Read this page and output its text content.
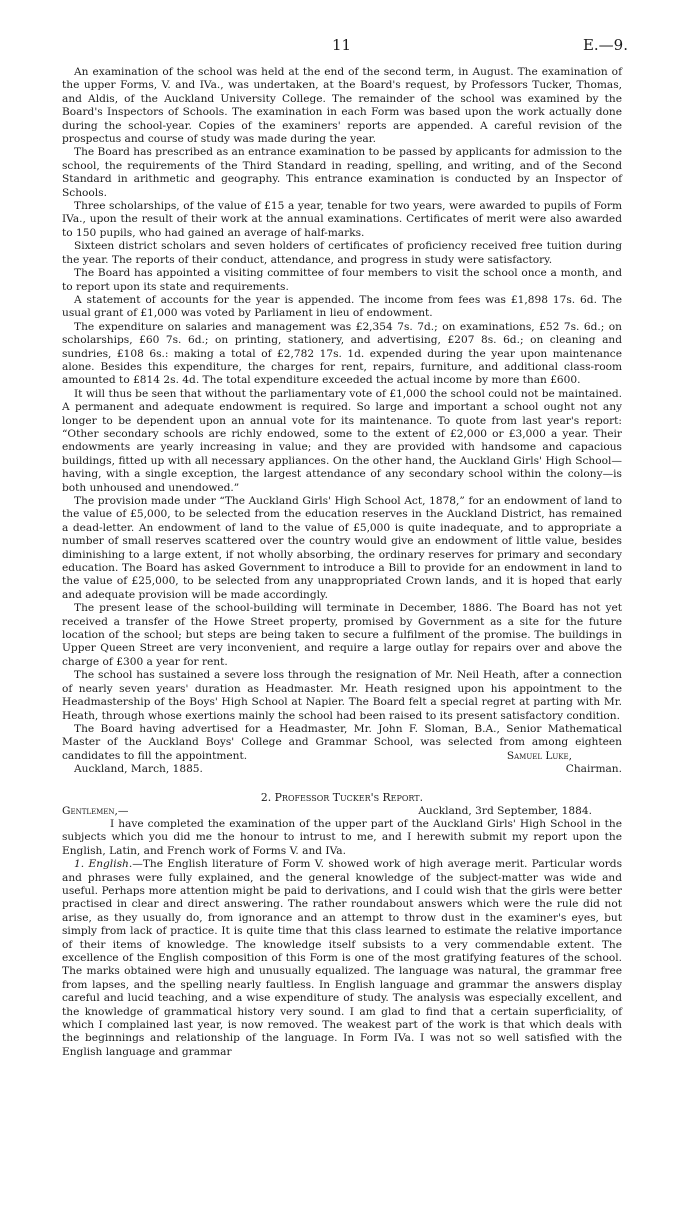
11	E.—9.

An examination of the school was held at the end of the second term, in August. The examination of the upper Forms, V. and IVa., was undertaken, at the Board's request, by Professors Tucker, Thomas, and Aldis, of the Auckland University College. The remainder of the school was examined by the Board's Inspectors of Schools. The examination in each Form was based upon the work actually done during the school-year. Copies of the examiners' reports are appended. A careful revision of the prospectus and course of study was made during the year.

The Board has prescribed as an entrance examination to be passed by applicants for admission to the school, the requirements of the Third Standard in reading, spelling, and writing, and of the Second Standard in arithmetic and geography. This entrance examination is conducted by an Inspector of Schools.

Three scholarships, of the value of £15 a year, tenable for two years, were awarded to pupils of Form IVa., upon the result of their work at the annual examinations. Certificates of merit were also awarded to 150 pupils, who had gained an average of half-marks.

Sixteen district scholars and seven holders of certificates of proficiency received free tuition during the year. The reports of their conduct, attendance, and progress in study were satisfactory.

The Board has appointed a visiting committee of four members to visit the school once a month, and to report upon its state and requirements.

A statement of accounts for the year is appended. The income from fees was £1,898 17s. 6d. The usual grant of £1,000 was voted by Parliament in lieu of endowment.

The expenditure on salaries and management was £2,354 7s. 7d.; on examinations, £52 7s. 6d.; on scholarships, £60 7s. 6d.; on printing, stationery, and advertising, £207 8s. 6d.; on cleaning and sundries, £108 6s.: making a total of £2,782 17s. 1d. expended during the year upon maintenance alone. Besides this expenditure, the charges for rent, repairs, furniture, and additional class-room amounted to £814 2s. 4d. The total expenditure exceeded the actual income by more than £600.

It will thus be seen that without the parliamentary vote of £1,000 the school could not be maintained. A permanent and adequate endowment is required. So large and important a school ought not any longer to be dependent upon an annual vote for its maintenance. To quote from last year's report: “Other secondary schools are richly endowed, some to the extent of £2,000 or £3,000 a year. Their endowments are yearly increasing in value; and they are provided with handsome and capacious buildings, fitted up with all necessary appliances. On the other hand, the Auckland Girls' High School—having, with a single exception, the largest attendance of any secondary school within the colony—is both unhoused and unendowed.”

The provision made under “The Auckland Girls' High School Act, 1878,” for an endowment of land to the value of £5,000, to be selected from the education reserves in the Auckland District, has remained a dead-letter. An endowment of land to the value of £5,000 is quite inadequate, and to appropriate a number of small reserves scattered over the country would give an endowment of little value, besides diminishing to a large extent, if not wholly absorbing, the ordinary reserves for primary and secondary education. The Board has asked Government to introduce a Bill to provide for an endowment in land to the value of £25,000, to be selected from any unappropriated Crown lands, and it is hoped that early and adequate provision will be made accordingly.

The present lease of the school-building will terminate in December, 1886. The Board has not yet received a transfer of the Howe Street property, promised by Government as a site for the future location of the school; but steps are being taken to secure a fulfilment of the promise. The buildings in Upper Queen Street are very inconvenient, and require a large outlay for repairs over and above the charge of £300 a year for rent.

The school has sustained a severe loss through the resignation of Mr. Neil Heath, after a connection of nearly seven years' duration as Headmaster. Mr. Heath resigned upon his appointment to the Headmastership of the Boys' High School at Napier. The Board felt a special regret at parting with Mr. Heath, through whose exertions mainly the school had been raised to its present satisfactory condition.

The Board having advertised for a Headmaster, Mr. John F. Sloman, B.A., Senior Mathematical Master of the Auckland Boys' College and Grammar School, was selected from among eighteen candidates to fill the appointment.

Auckland, March, 1885.
Samuel Luke,
Chairman.
2. Professor Tucker's Report.
Gentlemen,—	Auckland, 3rd September, 1884.

I have completed the examination of the upper part of the Auckland Girls' High School in the subjects which you did me the honour to intrust to me, and I herewith submit my report upon the English, Latin, and French work of Forms V. and IVa.

1. English.—The English literature of Form V. showed work of high average merit. Particular words and phrases were fully explained, and the general knowledge of the subject-matter was wide and useful. Perhaps more attention might be paid to derivations, and I could wish that the girls were better practised in clear and direct answering. The rather roundabout answers which were the rule did not arise, as they usually do, from ignorance and an attempt to throw dust in the examiner's eyes, but simply from lack of practice. It is quite time that this class learned to estimate the relative importance of their items of knowledge. The knowledge itself subsists to a very commendable extent. The excellence of the English composition of this Form is one of the most gratifying features of the school. The marks obtained were high and unusually equalized. The language was natural, the grammar free from lapses, and the spelling nearly faultless. In English language and grammar the answers display careful and lucid teaching, and a wise expenditure of study. The analysis was especially excellent, and the knowledge of grammatical history very sound. I am glad to find that a certain superficiality, of which I complained last year, is now removed. The weakest part of the work is that which deals with the beginnings and relationship of the language. In Form IVa. I was not so well satisfied with the English language and grammar
